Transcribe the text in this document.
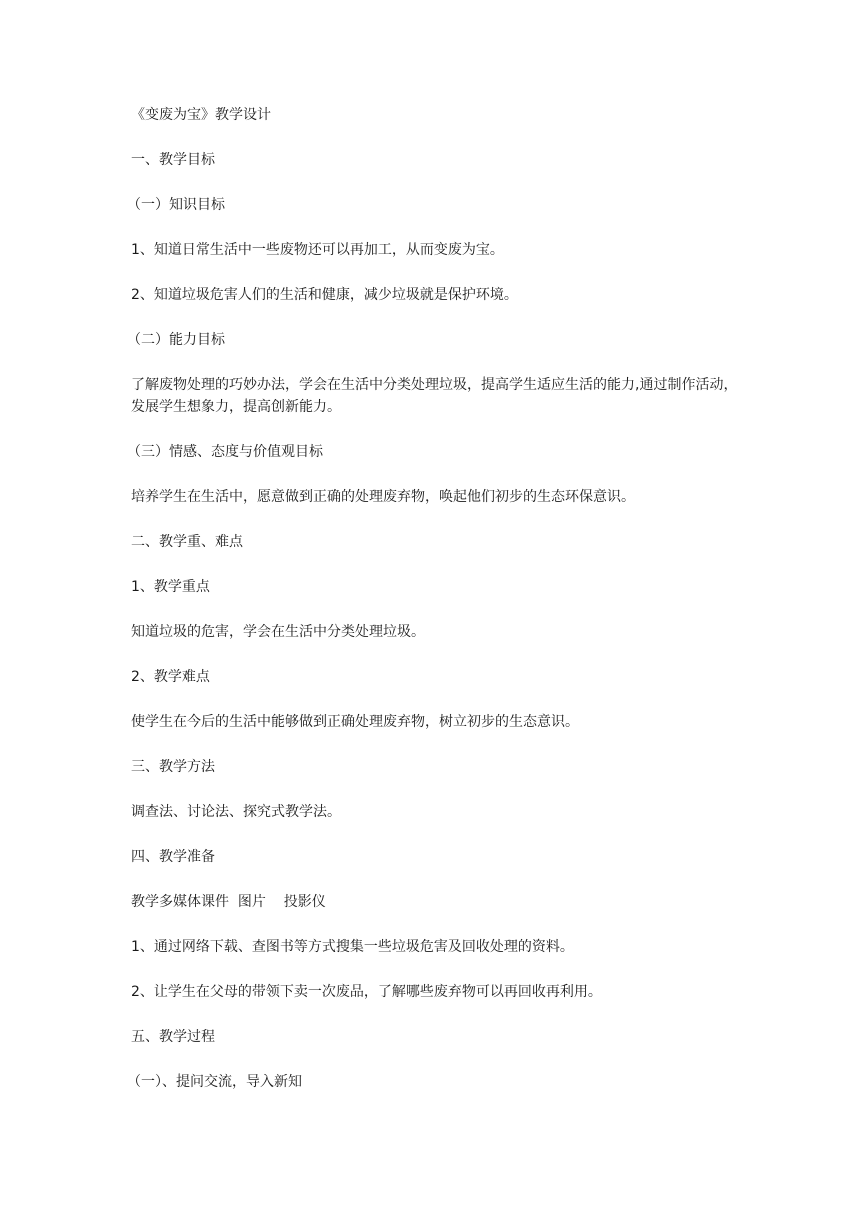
《变废为宝》教学设计

一、教学目标

（一）知识目标

1、知道日常生活中一些废物还可以再加工，从而变废为宝。

2、知道垃圾危害人们的生活和健康，减少垃圾就是保护环境。

（二）能力目标

了解废物处理的巧妙办法，学会在生活中分类处理垃圾，提高学生适应生活的能力,通过制作活动，发展学生想象力，提高创新能力。

（三）情感、态度与价值观目标

培养学生在生活中，愿意做到正确的处理废弃物，唤起他们初步的生态环保意识。

二、教学重、难点

1、教学重点

知道垃圾的危害，学会在生活中分类处理垃圾。

2、教学难点

使学生在今后的生活中能够做到正确处理废弃物，树立初步的生态意识。

三、教学方法

调查法、讨论法、探究式教学法。

四、教学准备

教学多媒体课件  图片    投影仪

1、通过网络下载、查图书等方式搜集一些垃圾危害及回收处理的资料。

2、让学生在父母的带领下卖一次废品，了解哪些废弃物可以再回收再利用。

五、教学过程

（一）、提问交流，导入新知
